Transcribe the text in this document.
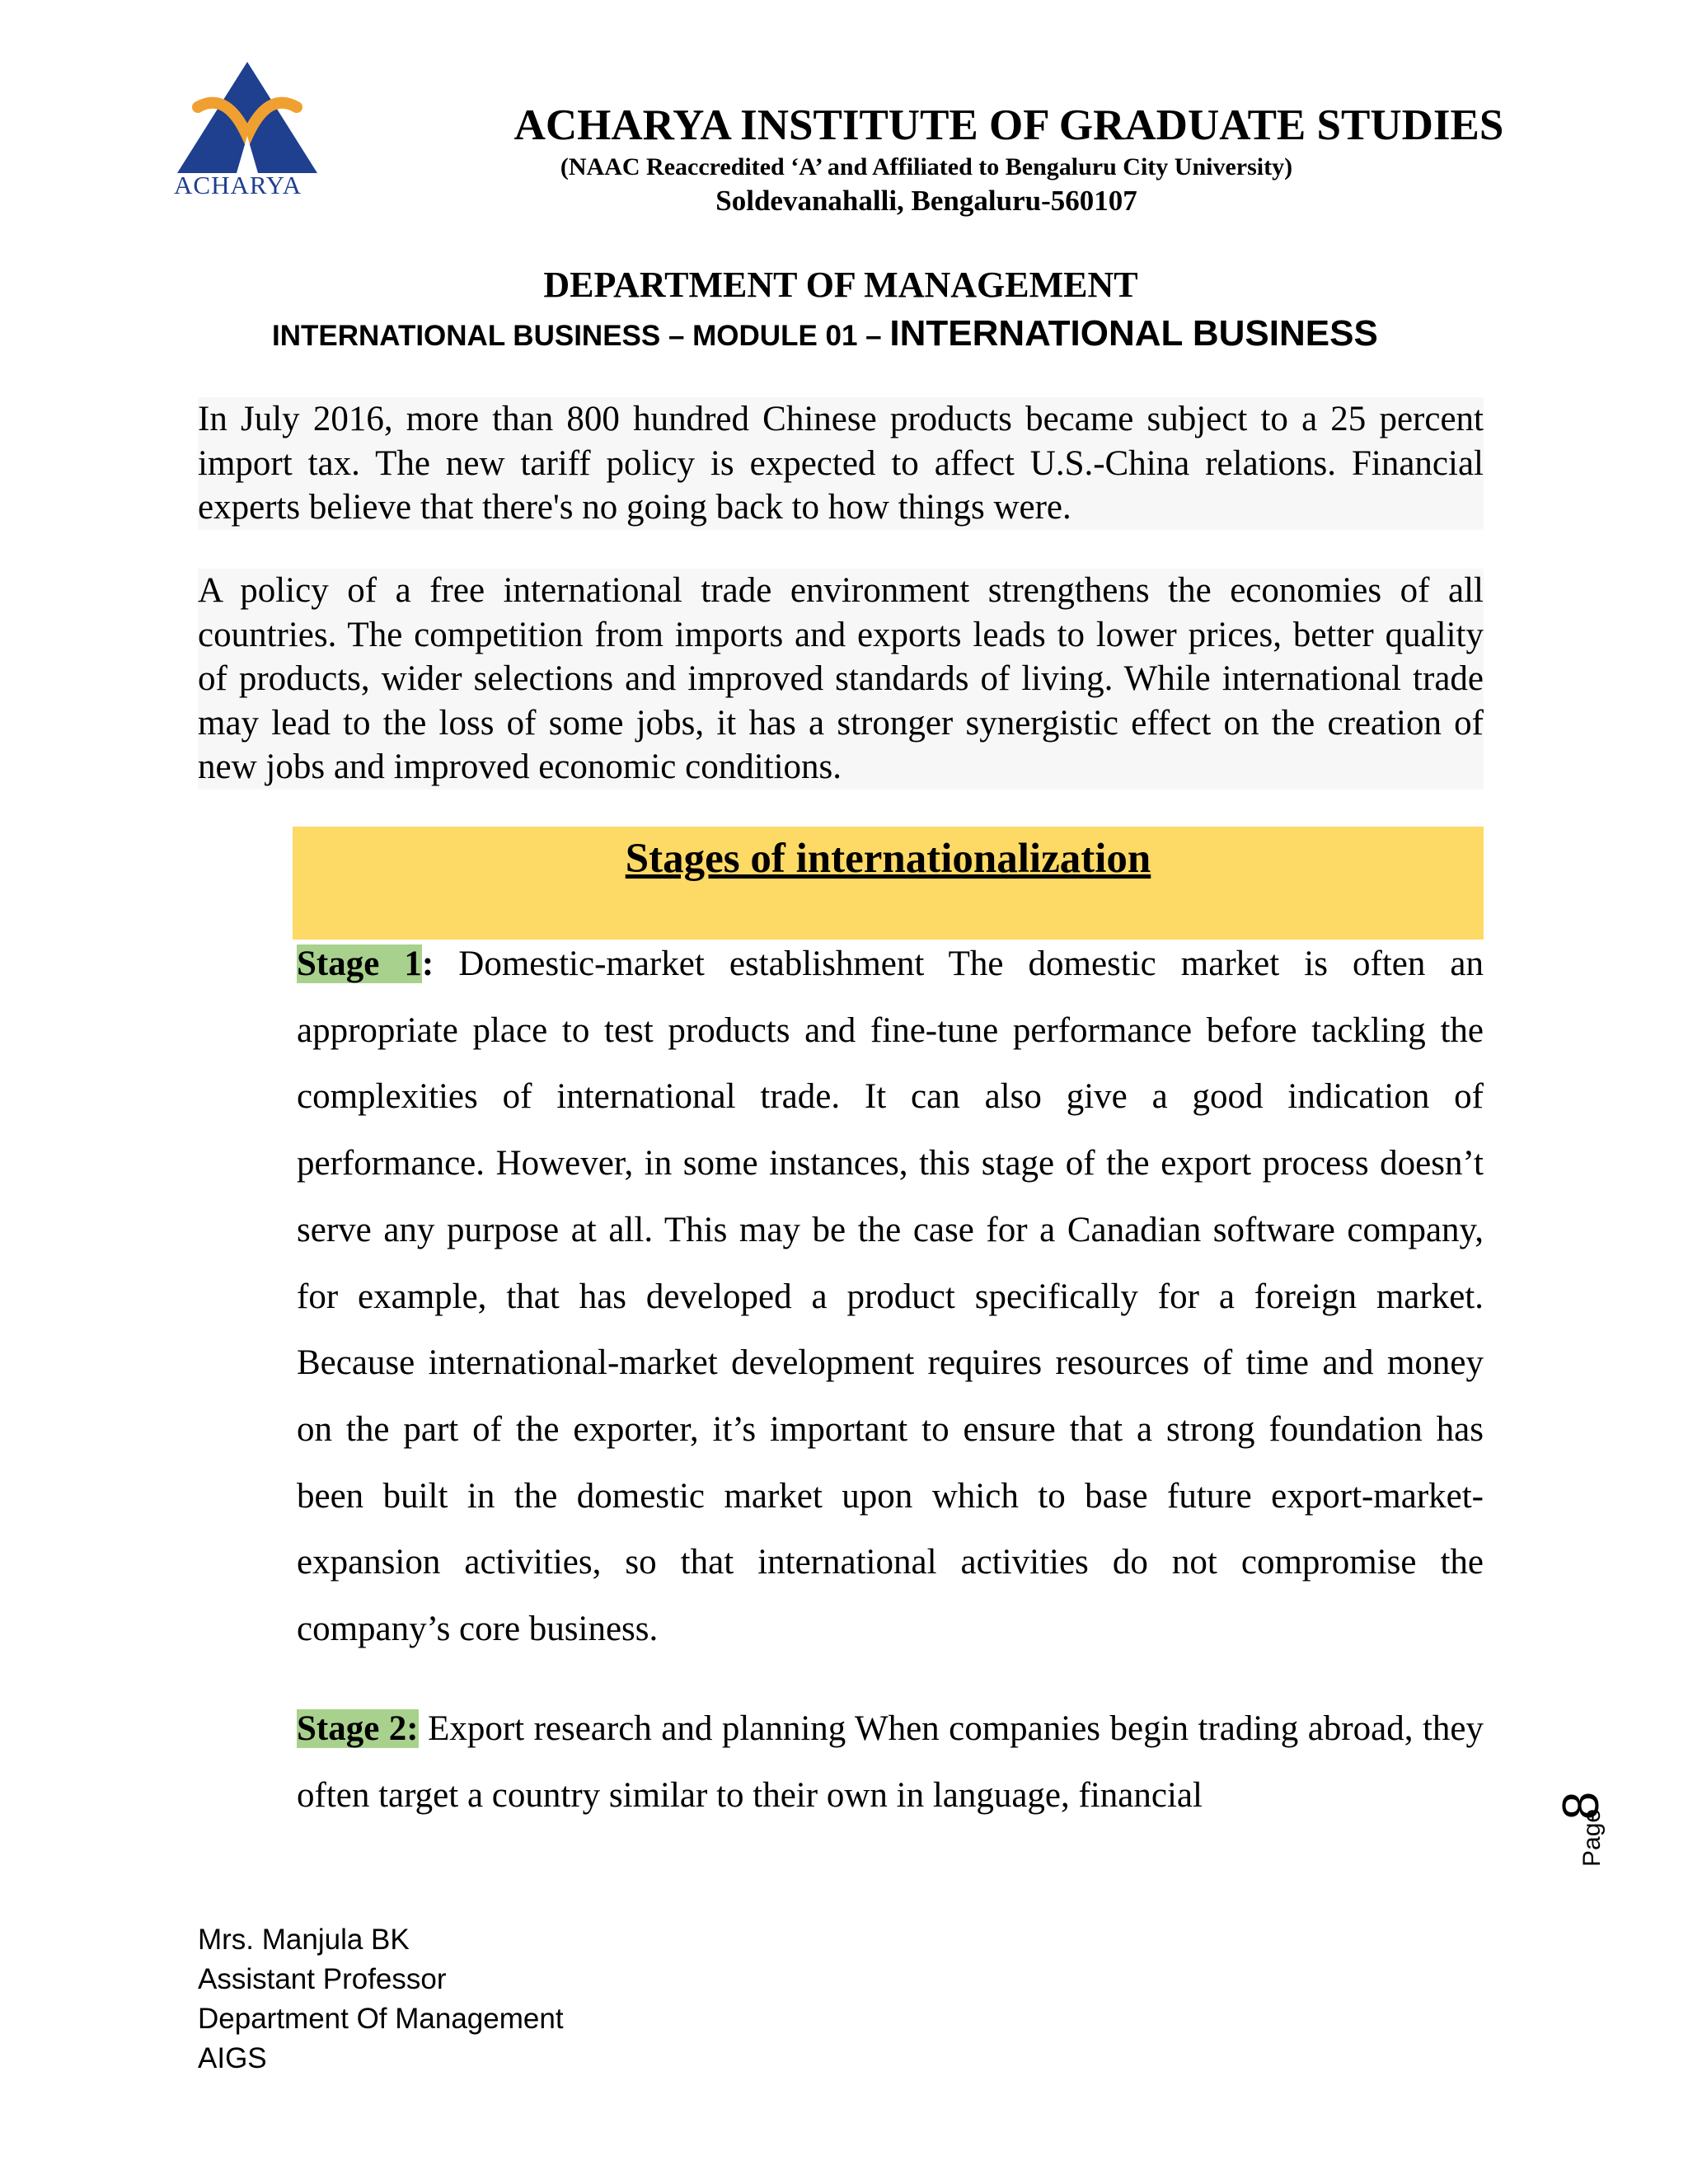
ACHARYA
ACHARYA INSTITUTE OF GRADUATE STUDIES
(NAAC Reaccredited ‘A’ and Affiliated to Bengaluru City University)
Soldevanahalli, Bengaluru-560107
DEPARTMENT OF MANAGEMENT
INTERNATIONAL BUSINESS – MODULE 01 – INTERNATIONAL BUSINESS
In July 2016, more than 800 hundred Chinese products became subject to a 25 percent import tax. The new tariff policy is expected to affect U.S.-China relations. Financial experts believe that there's no going back to how things were.
A policy of a free international trade environment strengthens the economies of all countries. The competition from imports and exports leads to lower prices, better quality of products, wider selections and improved standards of living. While international trade may lead to the loss of some jobs, it has a stronger synergistic effect on the creation of new jobs and improved economic conditions.
Stages of internationalization
Stage 1: Domestic-market establishment The domestic market is often an appropriate place to test products and fine-tune performance before tackling the complexities of international trade. It can also give a good indication of performance. However, in some instances, this stage of the export process doesn’t serve any purpose at all. This may be the case for a Canadian software company, for example, that has developed a product specifically for a foreign market. Because international-market development requires resources of time and money on the part of the exporter, it’s important to ensure that a strong foundation has been built in the domestic market upon which to base future export-market-expansion activities, so that international activities do not compromise the company’s core business.
Stage 2: Export research and planning When companies begin trading abroad, they often target a country similar to their own in language, financial	8
Page
Mrs. Manjula BK
Assistant Professor
Department Of Management
AIGS
